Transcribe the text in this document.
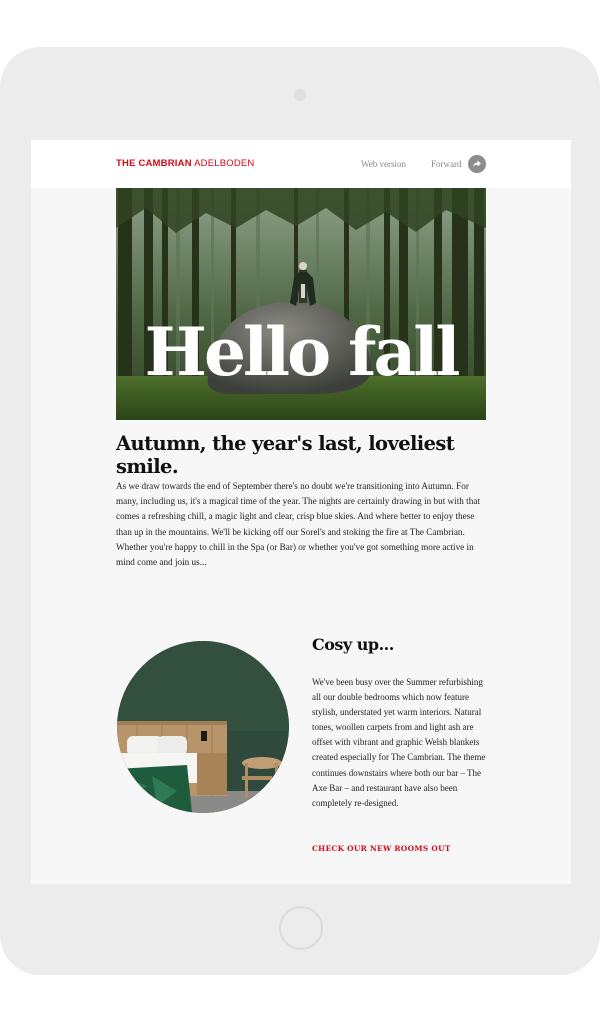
THE CAMBRIAN ADELBODEN	Web version	Forward
Hello fall
Autumn, the year's last, loveliest smile.

As we draw towards the end of September there's no doubt we're transitioning into Autumn. For many, including us, it's a magical time of the year. The nights are certainly drawing in but with that comes a refreshing chill, a magic light and clear, crisp blue skies. And where better to enjoy these than up in the mountains. We'll be kicking off our Sorel's and stoking the fire at The Cambrian. Whether you're happy to chill in the Spa (or Bar) or whether you've got something more active in mind come and join us...

Cosy up...

We've been busy over the Summer refurbishing all our double bedrooms which now feature stylish, understated yet warm interiors. Natural tones, woollen carpets from and light ash are offset with vibrant and graphic Welsh blankets created especially for The Cambrian. The theme continues downstairs where both our bar – The Axe Bar – and restaurant have also been completely re-designed.

CHECK OUR NEW ROOMS OUT
